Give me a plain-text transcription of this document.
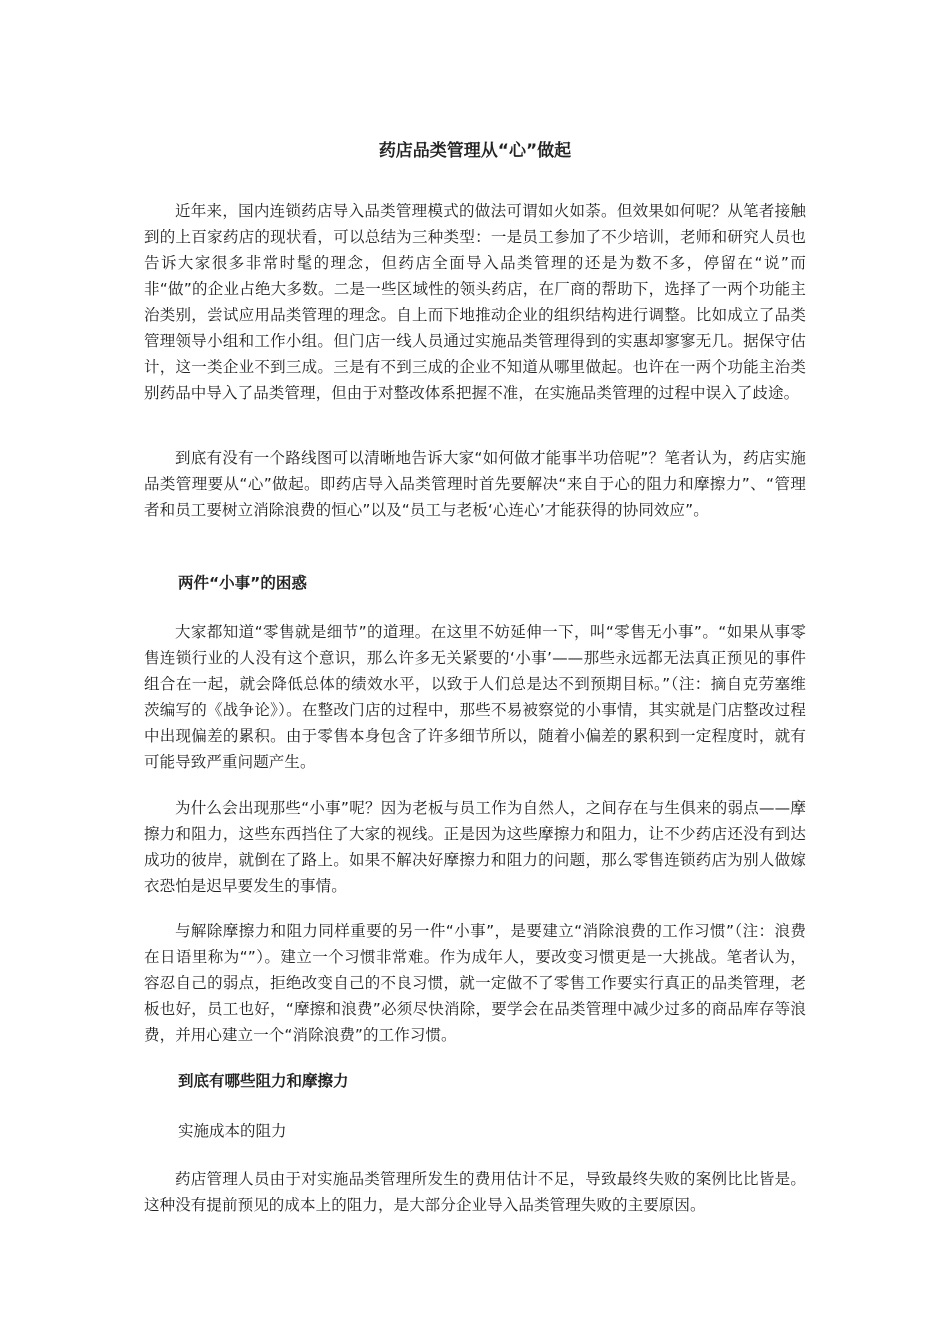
药店品类管理从“心”做起

近年来，国内连锁药店导入品类管理模式的做法可谓如火如荼。但效果如何呢？从笔者接触到的上百家药店的现状看，可以总结为三种类型：一是员工参加了不少培训，老师和研究人员也告诉大家很多非常时髦的理念，但药店全面导入品类管理的还是为数不多，停留在“说”而非“做”的企业占绝大多数。二是一些区域性的领头药店，在厂商的帮助下，选择了一两个功能主治类别，尝试应用品类管理的理念。自上而下地推动企业的组织结构进行调整。比如成立了品类管理领导小组和工作小组。但门店一线人员通过实施品类管理得到的实惠却寥寥无几。据保守估计，这一类企业不到三成。三是有不到三成的企业不知道从哪里做起。也许在一两个功能主治类别药品中导入了品类管理，但由于对整改体系把握不准，在实施品类管理的过程中误入了歧途。

到底有没有一个路线图可以清晰地告诉大家“如何做才能事半功倍呢”？笔者认为，药店实施品类管理要从“心”做起。即药店导入品类管理时首先要解决“来自于心的阻力和摩擦力”、“管理者和员工要树立消除浪费的恒心”以及“员工与老板‘心连心’才能获得的协同效应”。

两件“小事”的困惑

大家都知道“零售就是细节”的道理。在这里不妨延伸一下，叫“零售无小事”。“如果从事零售连锁行业的人没有这个意识，那么许多无关紧要的‘小事’——那些永远都无法真正预见的事件组合在一起，就会降低总体的绩效水平，以致于人们总是达不到预期目标。”（注：摘自克劳塞维茨编写的《战争论》）。在整改门店的过程中，那些不易被察觉的小事情，其实就是门店整改过程中出现偏差的累积。由于零售本身包含了许多细节所以，随着小偏差的累积到一定程度时，就有可能导致严重问题产生。

为什么会出现那些“小事”呢？因为老板与员工作为自然人，之间存在与生俱来的弱点——摩擦力和阻力，这些东西挡住了大家的视线。正是因为这些摩擦力和阻力，让不少药店还没有到达成功的彼岸，就倒在了路上。如果不解决好摩擦力和阻力的问题，那么零售连锁药店为别人做嫁衣恐怕是迟早要发生的事情。

与解除摩擦力和阻力同样重要的另一件“小事”，是要建立“消除浪费的工作习惯”（注：浪费在日语里称为“”）。建立一个习惯非常难。作为成年人，要改变习惯更是一大挑战。笔者认为，容忍自己的弱点，拒绝改变自己的不良习惯，就一定做不了零售工作要实行真正的品类管理，老板也好，员工也好，“摩擦和浪费”必须尽快消除，要学会在品类管理中减少过多的商品库存等浪费，并用心建立一个“消除浪费”的工作习惯。

到底有哪些阻力和摩擦力

实施成本的阻力

药店管理人员由于对实施品类管理所发生的费用估计不足，导致最终失败的案例比比皆是。这种没有提前预见的成本上的阻力，是大部分企业导入品类管理失败的主要原因。
